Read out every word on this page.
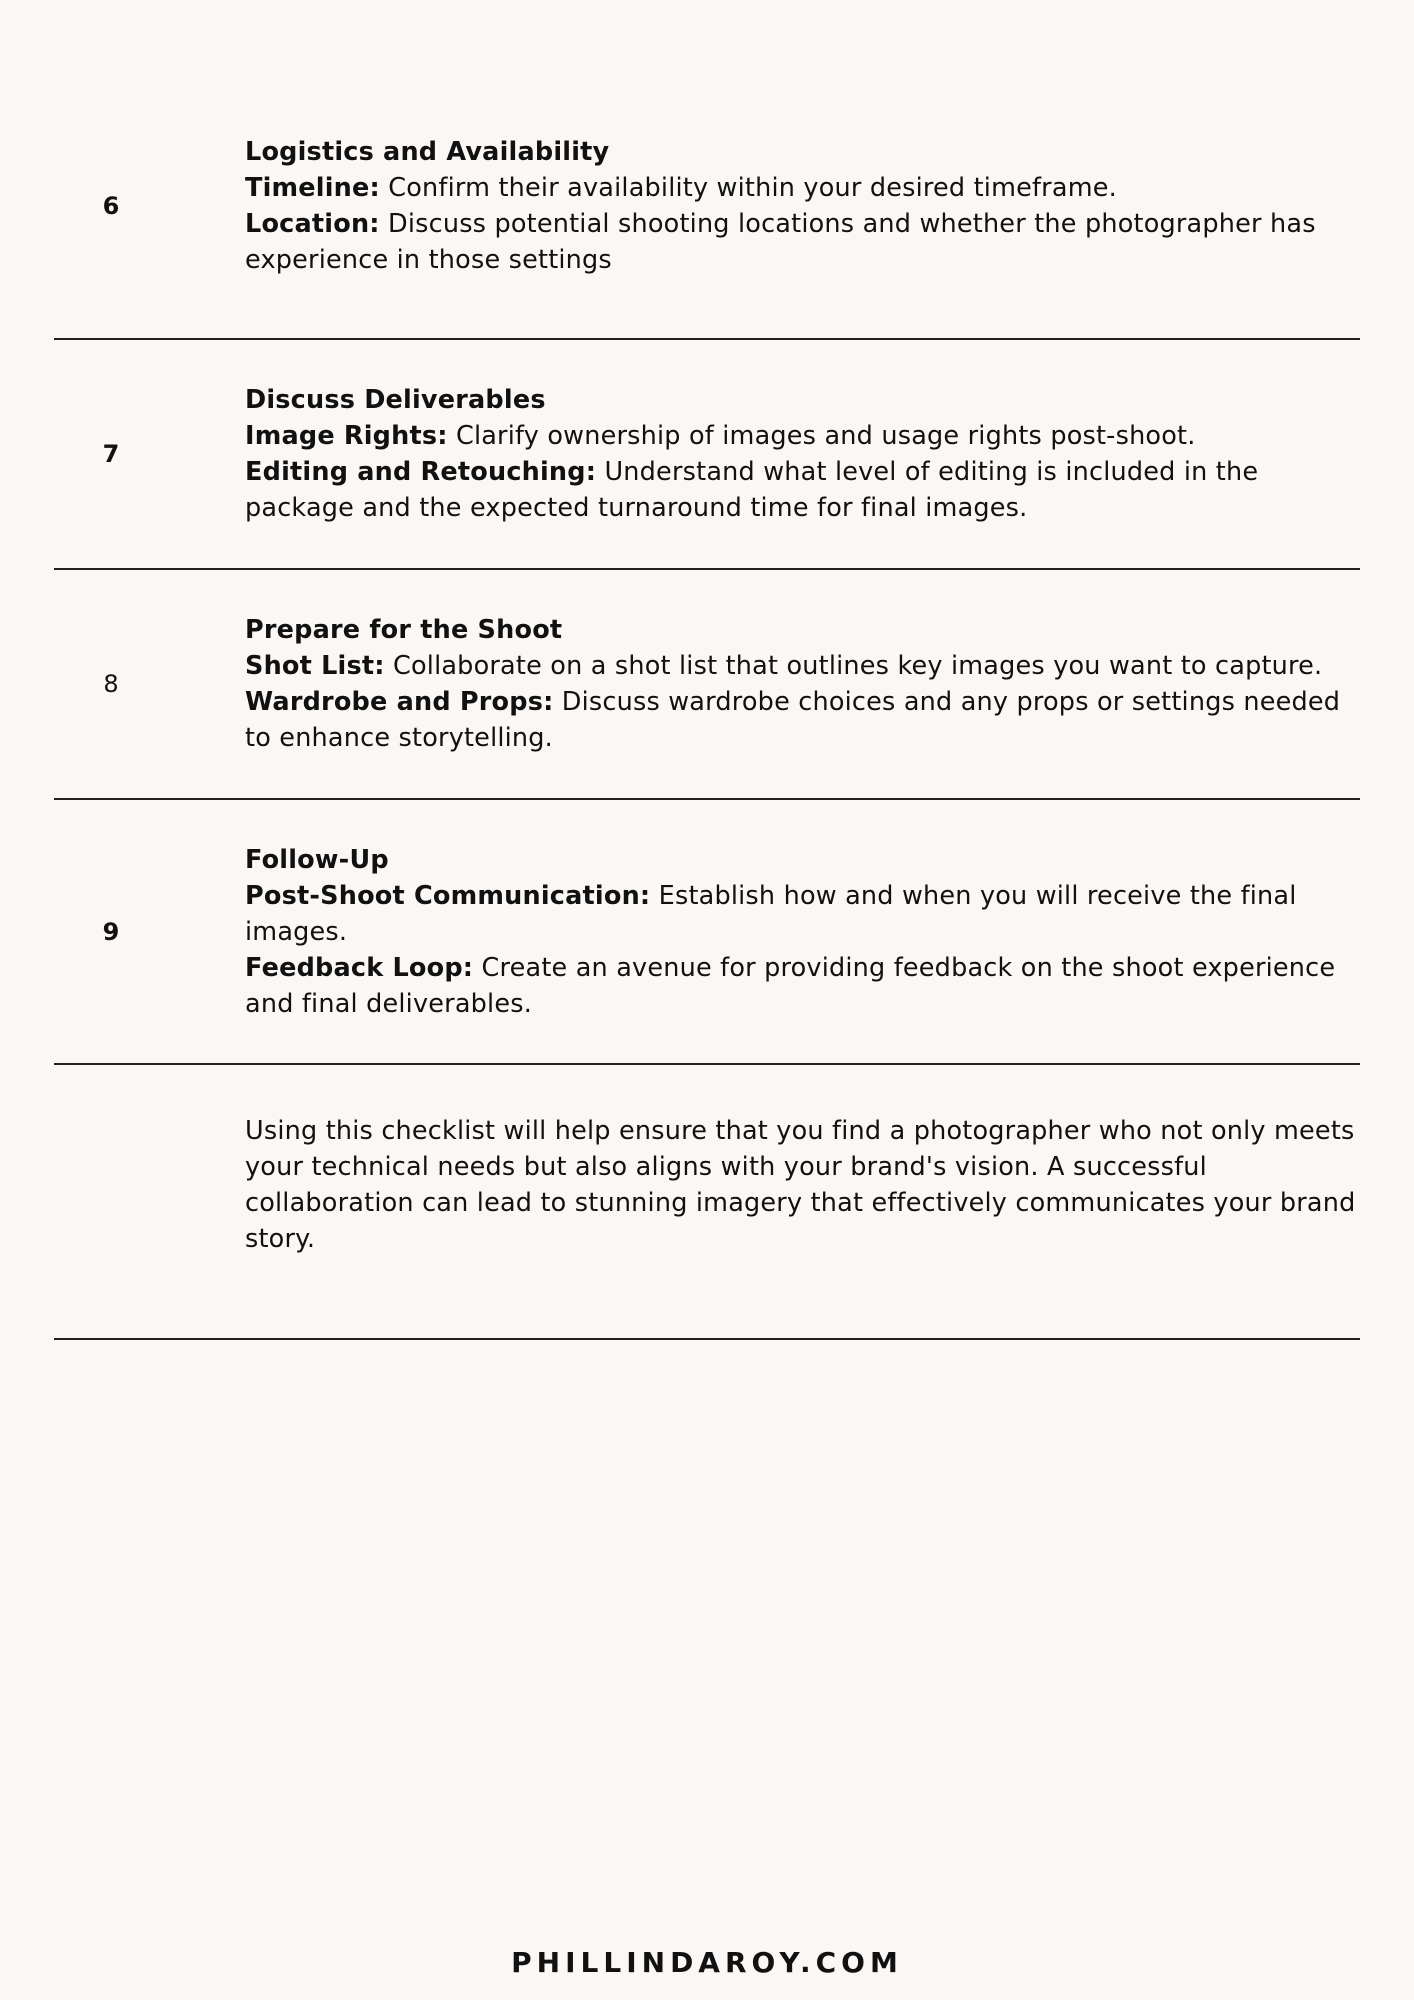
6

Logistics and Availability

Timeline: Confirm their availability within your desired timeframe.

Location: Discuss potential shooting locations and whether the photographer has experience in those settings

7

Discuss Deliverables

Image Rights: Clarify ownership of images and usage rights post-shoot.

Editing and Retouching: Understand what level of editing is included in the package and the expected turnaround time for final images.

8

Prepare for the Shoot

Shot List: Collaborate on a shot list that outlines key images you want to capture.

Wardrobe and Props: Discuss wardrobe choices and any props or settings needed to enhance storytelling.

9

Follow-Up

Post-Shoot Communication: Establish how and when you will receive the final images.

Feedback Loop: Create an avenue for providing feedback on the shoot experience and final deliverables.

Using this checklist will help ensure that you find a photographer who not only meets your technical needs but also aligns with your brand's vision. A successful collaboration can lead to stunning imagery that effectively communicates your brand story.

PHILLINDAROY.COM
